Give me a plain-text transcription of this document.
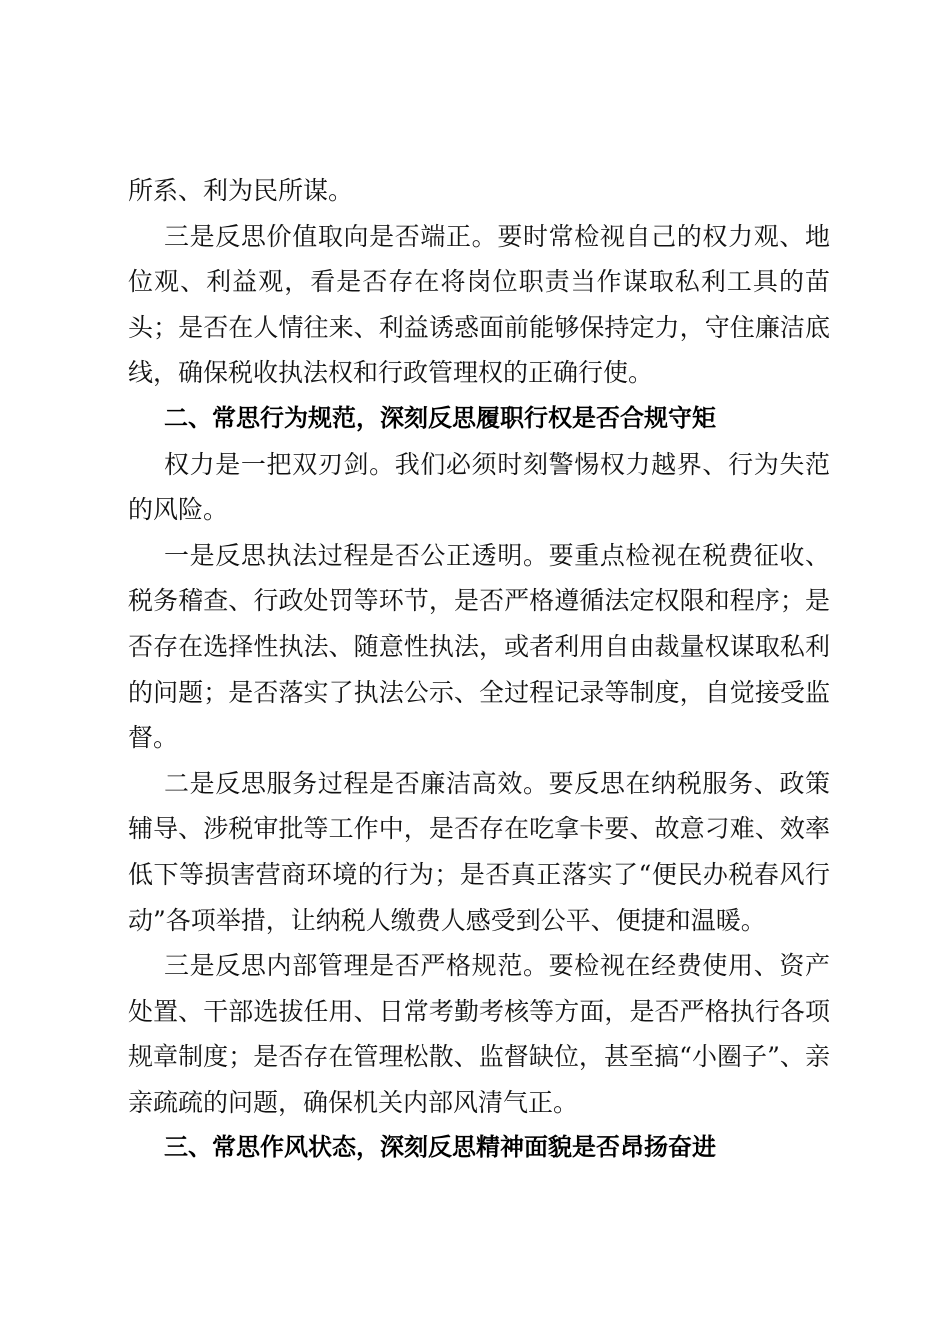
所系、利为民所谋。

三是反思价值取向是否端正。要时常检视自己的权力观、地位观、利益观，看是否存在将岗位职责当作谋取私利工具的苗头；是否在人情往来、利益诱惑面前能够保持定力，守住廉洁底线，确保税收执法权和行政管理权的正确行使。

二、常思行为规范，深刻反思履职行权是否合规守矩

权力是一把双刃剑。我们必须时刻警惕权力越界、行为失范的风险。

一是反思执法过程是否公正透明。要重点检视在税费征收、税务稽查、行政处罚等环节，是否严格遵循法定权限和程序；是否存在选择性执法、随意性执法，或者利用自由裁量权谋取私利的问题；是否落实了执法公示、全过程记录等制度，自觉接受监督。

二是反思服务过程是否廉洁高效。要反思在纳税服务、政策辅导、涉税审批等工作中，是否存在吃拿卡要、故意刁难、效率低下等损害营商环境的行为；是否真正落实了“便民办税春风行动”各项举措，让纳税人缴费人感受到公平、便捷和温暖。

三是反思内部管理是否严格规范。要检视在经费使用、资产处置、干部选拔任用、日常考勤考核等方面，是否严格执行各项规章制度；是否存在管理松散、监督缺位，甚至搞“小圈子”、亲亲疏疏的问题，确保机关内部风清气正。

三、常思作风状态，深刻反思精神面貌是否昂扬奋进
